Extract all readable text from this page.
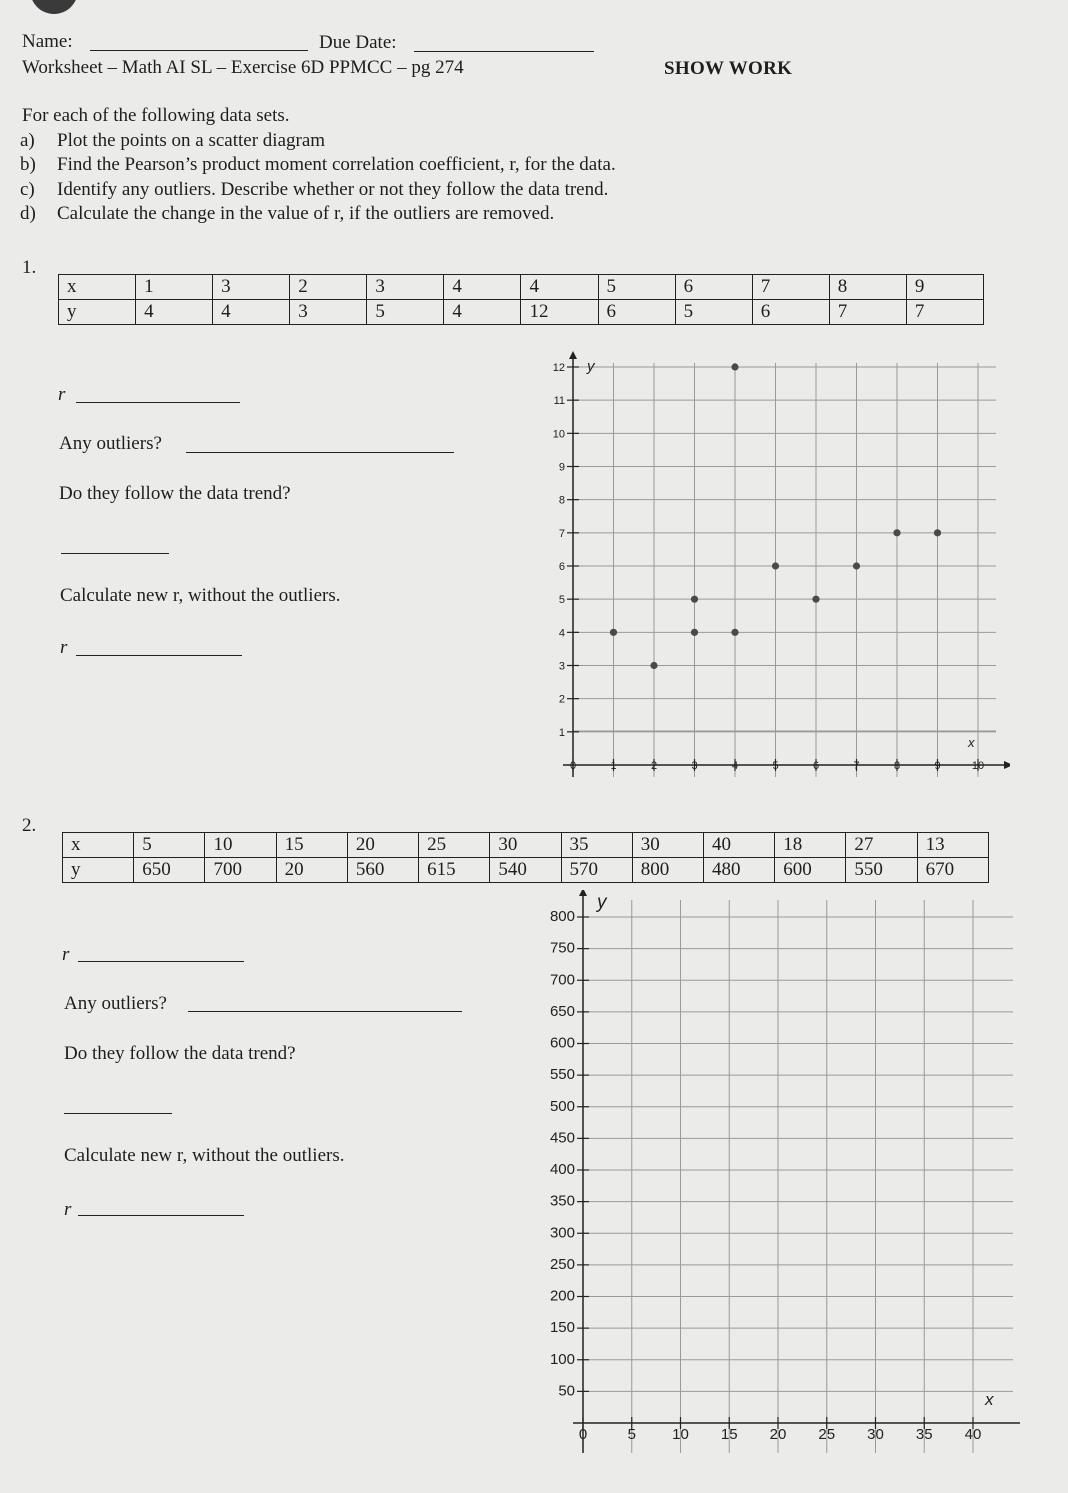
Name:	Due Date:
Worksheet – Math AI SL – Exercise 6D PPMCC – pg 274	SHOW WORK
For each of the following data sets.
a) Plot the points on a scatter diagram
b) Find the Pearson’s product moment correlation coefficient, r, for the data.
c) Identify any outliers. Describe whether or not they follow the data trend.
d) Calculate the change in the value of r, if the outliers are removed.
1.
x	1	3	2	3	4	4	5	6	7	8	9
y	4	4	3	5	4	12	6	5	6	7	7
r
Any outliers?
Do they follow the data trend?
Calculate new r, without the outliers.
r
1
2
3
4
5
6
7
8
9
10
11
12
0	1	2	3	4	5	6	7	8	9	10
y
x
2.
x	5	10	15	20	25	30	35	30	40	18	27	13
y	650	700	20	560	615	540	570	800	480	600	550	670
r
Any outliers?
Do they follow the data trend?
Calculate new r, without the outliers.
r
50
100
150
200
250
300
350
400
450
500
550
600
650
700
750
800
0	5 10 15 20 25 30 35 40
y
x
